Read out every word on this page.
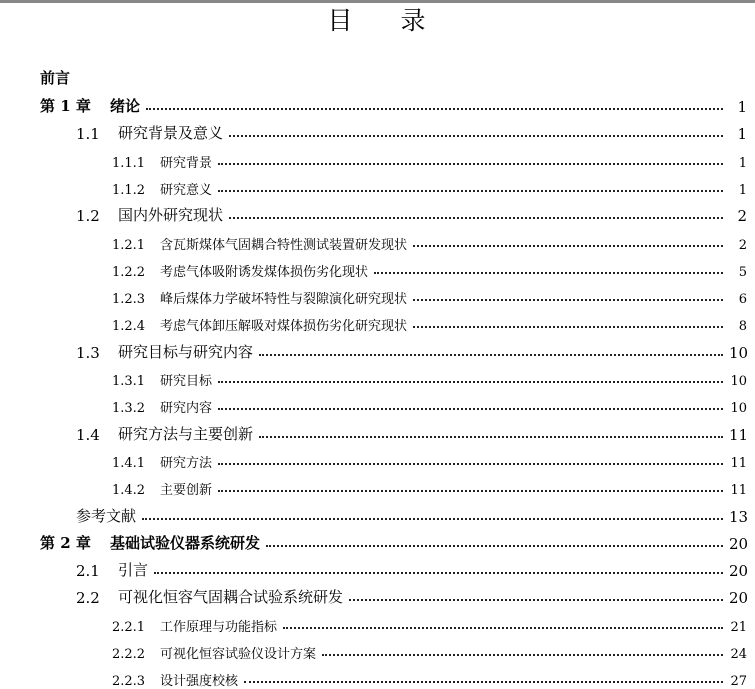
目 录
前言
第 1 章	绪论	1
1.1	研究背景及意义	1
1.1.1	研究背景	1
1.1.2	研究意义	1
1.2	国内外研究现状	2
1.2.1	含瓦斯煤体气固耦合特性测试装置研发现状	2
1.2.2	考虑气体吸附诱发煤体损伤劣化现状	5
1.2.3	峰后煤体力学破坏特性与裂隙演化研究现状	6
1.2.4	考虑气体卸压解吸对煤体损伤劣化研究现状	8
1.3	研究目标与研究内容	10
1.3.1	研究目标	10
1.3.2	研究内容	10
1.4	研究方法与主要创新	11
1.4.1	研究方法	11
1.4.2	主要创新	11
参考文献	13
第 2 章	基础试验仪器系统研发	20
2.1	引言	20
2.2	可视化恒容气固耦合试验系统研发	20
2.2.1	工作原理与功能指标	21
2.2.2	可视化恒容试验仪设计方案	24
2.2.3	设计强度校核	27
